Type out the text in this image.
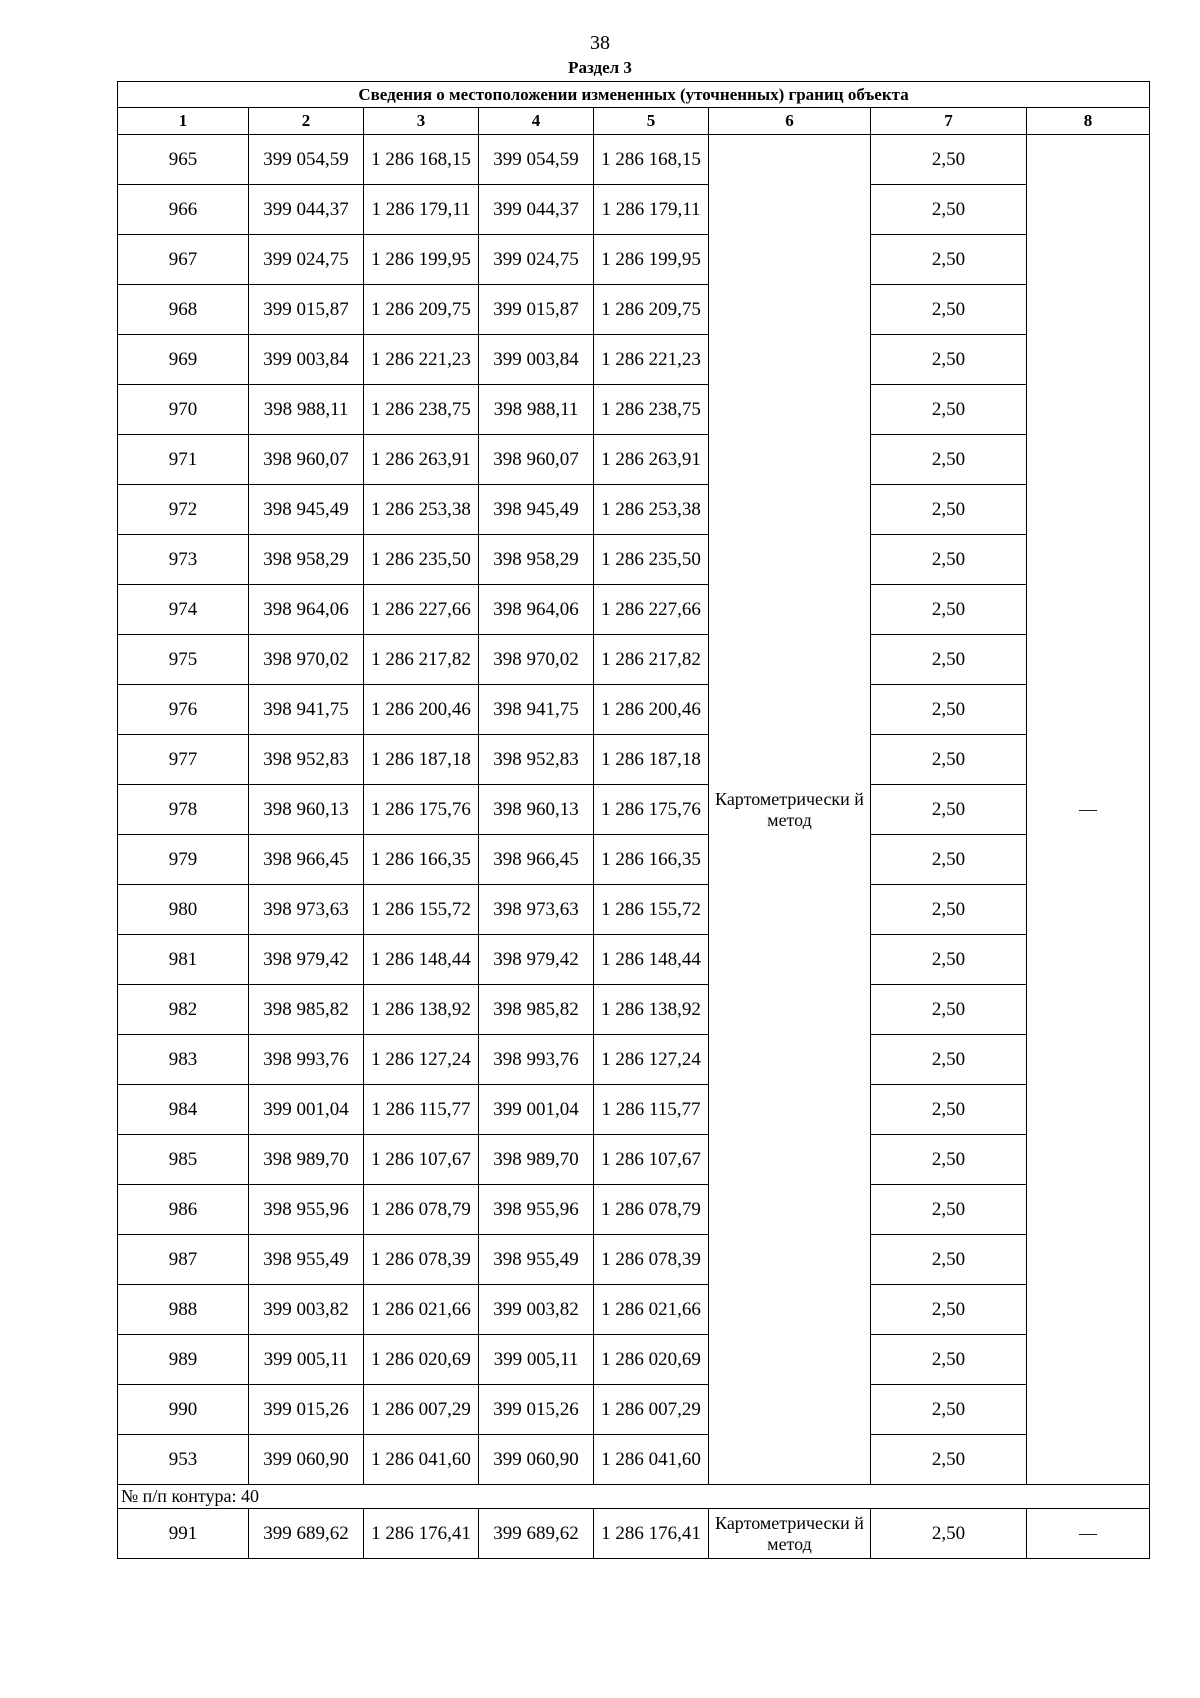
38
Раздел 3
Сведения о местоположении измененных (уточненных) границ объекта							
1	2	3	4	5	6	7	8
965	399 054,59	1 286 168,15	399 054,59	1 286 168,15	Картометрически й метод	2,50	—
966	399 044,37	1 286 179,11	399 044,37	1 286 179,11		2,50	
967	399 024,75	1 286 199,95	399 024,75	1 286 199,95		2,50	
968	399 015,87	1 286 209,75	399 015,87	1 286 209,75		2,50	
969	399 003,84	1 286 221,23	399 003,84	1 286 221,23		2,50	
970	398 988,11	1 286 238,75	398 988,11	1 286 238,75		2,50	
971	398 960,07	1 286 263,91	398 960,07	1 286 263,91		2,50	
972	398 945,49	1 286 253,38	398 945,49	1 286 253,38		2,50	
973	398 958,29	1 286 235,50	398 958,29	1 286 235,50		2,50	
974	398 964,06	1 286 227,66	398 964,06	1 286 227,66		2,50	
975	398 970,02	1 286 217,82	398 970,02	1 286 217,82		2,50	
976	398 941,75	1 286 200,46	398 941,75	1 286 200,46		2,50	
977	398 952,83	1 286 187,18	398 952,83	1 286 187,18		2,50	
978	398 960,13	1 286 175,76	398 960,13	1 286 175,76		2,50	
979	398 966,45	1 286 166,35	398 966,45	1 286 166,35		2,50	
980	398 973,63	1 286 155,72	398 973,63	1 286 155,72		2,50	
981	398 979,42	1 286 148,44	398 979,42	1 286 148,44		2,50	
982	398 985,82	1 286 138,92	398 985,82	1 286 138,92		2,50	
983	398 993,76	1 286 127,24	398 993,76	1 286 127,24		2,50	
984	399 001,04	1 286 115,77	399 001,04	1 286 115,77		2,50	
985	398 989,70	1 286 107,67	398 989,70	1 286 107,67		2,50	
986	398 955,96	1 286 078,79	398 955,96	1 286 078,79		2,50	
987	398 955,49	1 286 078,39	398 955,49	1 286 078,39		2,50	
988	399 003,82	1 286 021,66	399 003,82	1 286 021,66		2,50	
989	399 005,11	1 286 020,69	399 005,11	1 286 020,69		2,50	
990	399 015,26	1 286 007,29	399 015,26	1 286 007,29		2,50	
953	399 060,90	1 286 041,60	399 060,90	1 286 041,60		2,50	
№ п/п контура: 40							
991	399 689,62	1 286 176,41	399 689,62	1 286 176,41	Картометрически й метод	2,50	—
